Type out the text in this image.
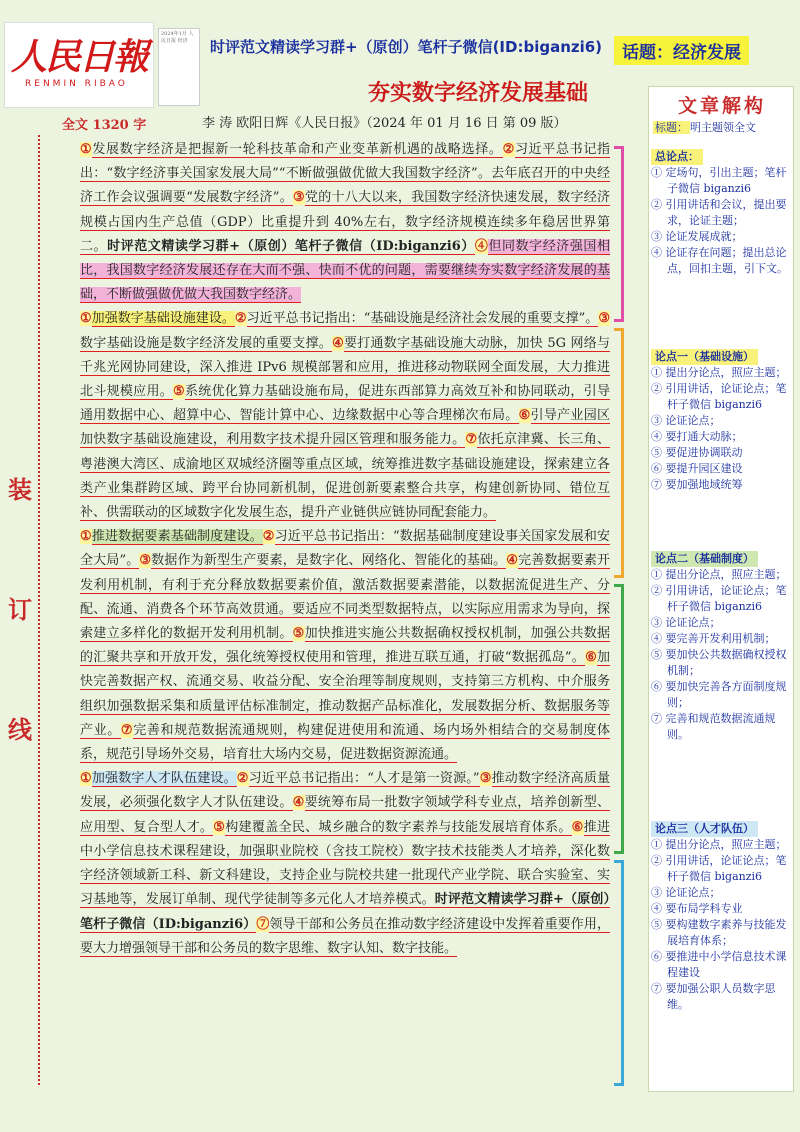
人民日報
RENMIN RIBAO
2024年1月 人民日报 经济	时评范文精读学习群+（原创）笔杆子微信(ID:biganzi6)	话题：经济发展
夯实数字经济发展基础
全文 1320 字	李 涛 欧阳日辉《人民日报》（2024 年 01 月 16 日 第 09 版）
装
订
线

①发展数字经济是把握新一轮科技革命和产业变革新机遇的战略选择。②习近平总书记指出：“数字经济事关国家发展大局”“不断做强做优做大我国数字经济”。去年底召开的中央经济工作会议强调要“发展数字经济”。③党的十八大以来，我国数字经济快速发展，数字经济规模占国内生产总值（GDP）比重提升到 40%左右，数字经济规模连续多年稳居世界第二。时评范文精读学习群+（原创）笔杆子微信（ID:biganzi6）④但同数字经济强国相比，我国数字经济发展还存在大而不强、快而不优的问题，需要继续夯实数字经济发展的基础，不断做强做优做大我国数字经济。

①加强数字基础设施建设。②习近平总书记指出：“基础设施是经济社会发展的重要支撑”。③数字基础设施是数字经济发展的重要支撑。④要打通数字基础设施大动脉，加快 5G 网络与千兆光网协同建设，深入推进 IPv6 规模部署和应用，推进移动物联网全面发展，大力推进北斗规模应用。⑤系统优化算力基础设施布局，促进东西部算力高效互补和协同联动，引导通用数据中心、超算中心、智能计算中心、边缘数据中心等合理梯次布局。⑥引导产业园区加快数字基础设施建设，利用数字技术提升园区管理和服务能力。⑦依托京津冀、长三角、粤港澳大湾区、成渝地区双城经济圈等重点区域，统筹推进数字基础设施建设，探索建立各类产业集群跨区域、跨平台协同新机制，促进创新要素整合共享，构建创新协同、错位互补、供需联动的区域数字化发展生态，提升产业链供应链协同配套能力。

①推进数据要素基础制度建设。②习近平总书记指出：“数据基础制度建设事关国家发展和安全大局”。③数据作为新型生产要素，是数字化、网络化、智能化的基础。④完善数据要素开发利用机制，有利于充分释放数据要素价值，激活数据要素潜能，以数据流促进生产、分配、流通、消费各个环节高效贯通。要适应不同类型数据特点，以实际应用需求为导向，探索建立多样化的数据开发利用机制。⑤加快推进实施公共数据确权授权机制，加强公共数据的汇聚共享和开放开发，强化统筹授权使用和管理，推进互联互通，打破“数据孤岛”。⑥加快完善数据产权、流通交易、收益分配、安全治理等制度规则，支持第三方机构、中介服务组织加强数据采集和质量评估标准制定，推动数据产品标准化，发展数据分析、数据服务等产业。⑦完善和规范数据流通规则，构建促进使用和流通、场内场外相结合的交易制度体系，规范引导场外交易，培育壮大场内交易，促进数据资源流通。

①加强数字人才队伍建设。②习近平总书记指出：“人才是第一资源。”③推动数字经济高质量发展，必须强化数字人才队伍建设。④要统筹布局一批数字领域学科专业点，培养创新型、应用型、复合型人才。⑤构建覆盖全民、城乡融合的数字素养与技能发展培育体系。⑥推进中小学信息技术课程建设，加强职业院校（含技工院校）数字技术技能类人才培养，深化数字经济领域新工科、新文科建设，支持企业与院校共建一批现代产业学院、联合实验室、实习基地等，发展订单制、现代学徒制等多元化人才培养模式。时评范文精读学习群+（原创）笔杆子微信（ID:biganzi6）⑦领导干部和公务员在推动数字经济建设中发挥着重要作用，要大力增强领导干部和公务员的数字思维、数字认知、数字技能。

文章解构
标题： 明主题领全文
总论点：
① 定场句，引出主题；笔杆子微信 biganzi6
② 引用讲话和会议，提出要求，论证主题；
③ 论证发展成就；
④ 论证存在问题；提出总论点，回扣主题，引下文。
论点一（基础设施）
① 提出分论点，照应主题；
② 引用讲话，论证论点；笔杆子微信 biganzi6
③ 论证论点；
④ 要打通大动脉；
⑤ 要促进协调联动
⑥ 要提升园区建设
⑦ 要加强地域统筹
论点二（基础制度）
① 提出分论点，照应主题；
② 引用讲话，论证论点；笔杆子微信 biganzi6
③ 论证论点；
④ 要完善开发利用机制；
⑤ 要加快公共数据确权授权机制；
⑥ 要加快完善各方面制度规则；
⑦ 完善和规范数据流通规则。
论点三（人才队伍）
① 提出分论点，照应主题；
② 引用讲话，论证论点；笔杆子微信 biganzi6
③ 论证论点；
④ 要布局学科专业
⑤ 要构建数字素养与技能发展培育体系；
⑥ 要推进中小学信息技术课程建设
⑦ 要加强公职人员数字思维。
